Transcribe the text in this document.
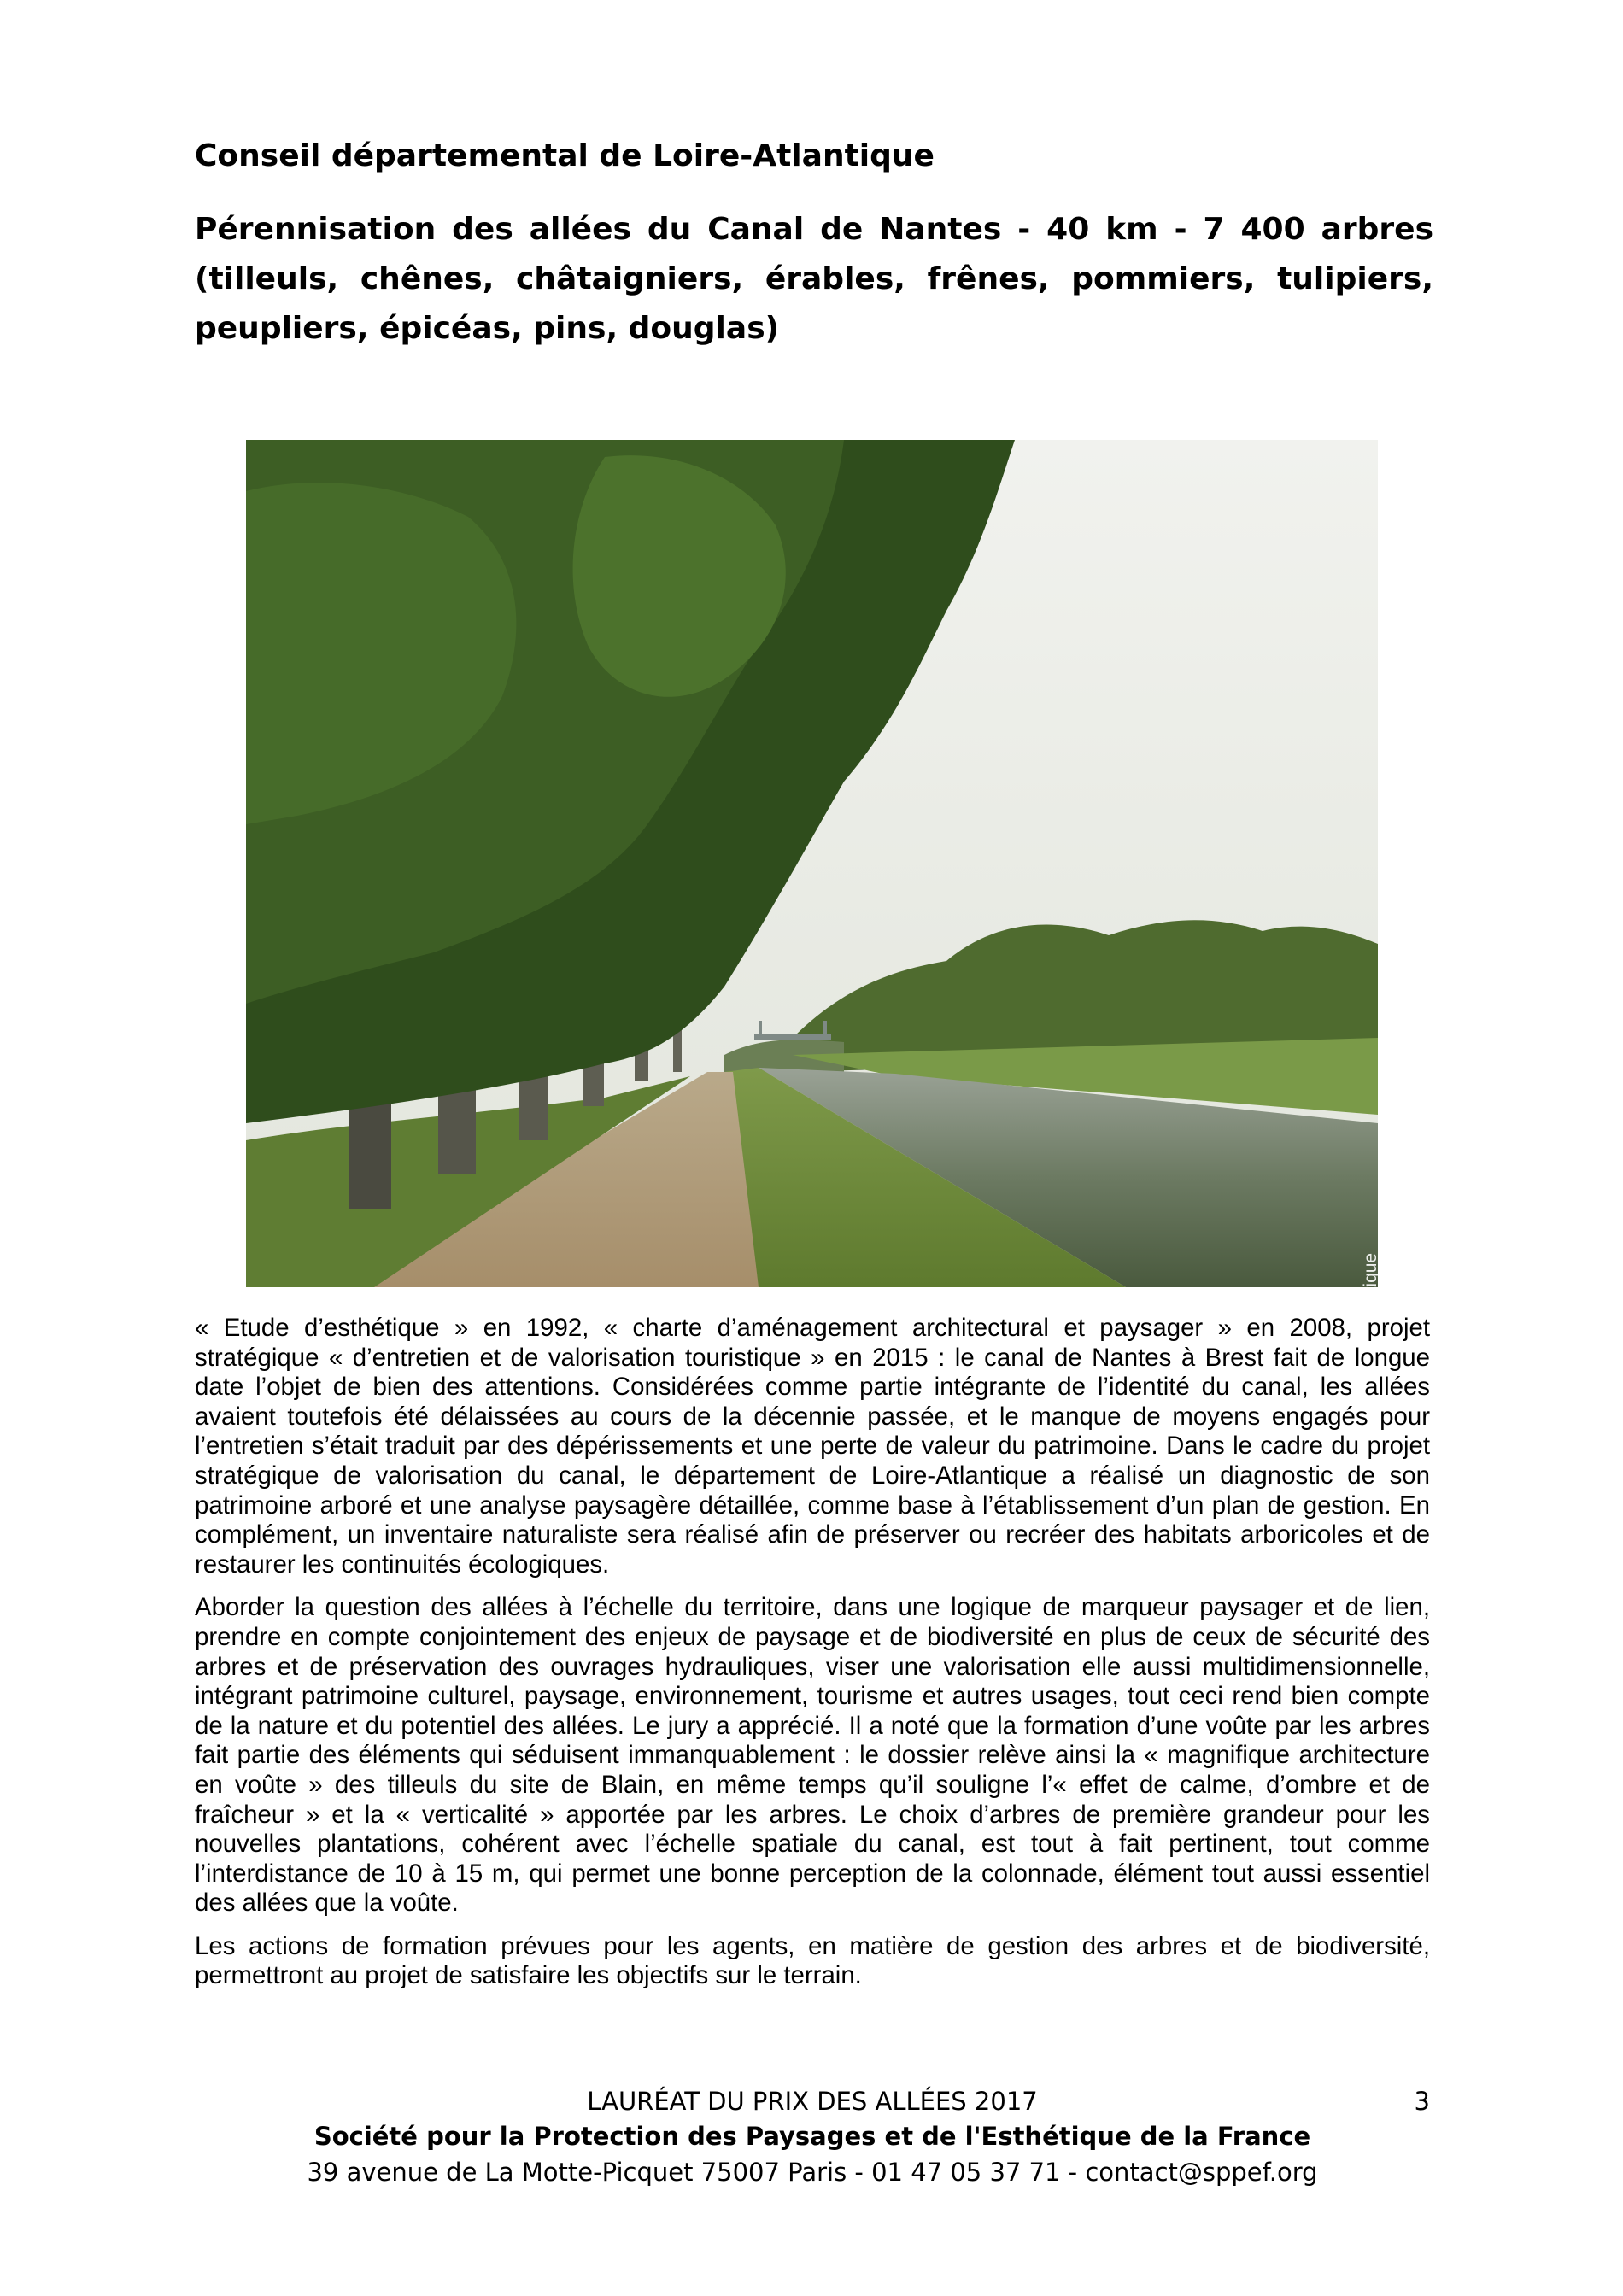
Conseil départemental de Loire-Atlantique
Pérennisation des allées du Canal de Nantes - 40 km - 7 400 arbres (tilleuls, chênes, châtaigniers, érables, frênes, pommiers, tulipiers, peupliers, épicéas, pins, douglas)
© Conseil départemental Loire-Atlantique

« Etude d’esthétique » en 1992, « charte d’aménagement architectural et paysager » en 2008, projet stratégique « d’entretien et de valorisation touristique » en 2015 : le canal de Nantes à Brest fait de longue date l’objet de bien des attentions. Considérées comme partie intégrante de l’identité du canal, les allées avaient toutefois été délaissées au cours de la décennie passée, et le manque de moyens engagés pour l’entretien s’était traduit par des dépérissements et une perte de valeur du patrimoine. Dans le cadre du projet stratégique de valorisation du canal, le département de Loire-Atlantique a réalisé un diagnostic de son patrimoine arboré et une analyse paysagère détaillée, comme base à l’établissement d’un plan de gestion. En complément, un inventaire naturaliste sera réalisé afin de préserver ou recréer des habitats arboricoles et de restaurer les continuités écologiques.

Aborder la question des allées à l’échelle du territoire, dans une logique de marqueur paysager et de lien, prendre en compte conjointement des enjeux de paysage et de biodiversité en plus de ceux de sécurité des arbres et de préservation des ouvrages hydrauliques, viser une valorisation elle aussi multidimensionnelle, intégrant patrimoine culturel, paysage, environnement, tourisme et autres usages, tout ceci rend bien compte de la nature et du potentiel des allées. Le jury a apprécié. Il a noté que la formation d’une voûte par les arbres fait partie des éléments qui séduisent immanquablement : le dossier relève ainsi la « magnifique architecture en voûte » des tilleuls du site de Blain, en même temps qu’il souligne l’« effet de calme, d’ombre et de fraîcheur » et la « verticalité » apportée par les arbres. Le choix d’arbres de première grandeur pour les nouvelles plantations, cohérent avec l’échelle spatiale du canal, est tout à fait pertinent, tout comme l’interdistance de 10 à 15 m, qui permet une bonne perception de la colonnade, élément tout aussi essentiel des allées que la voûte.

Les actions de formation prévues pour les agents, en matière de gestion des arbres et de biodiversité, permettront au projet de satisfaire les objectifs sur le terrain.

LAURÉAT DU PRIX DES ALLÉES 2017
Société pour la Protection des Paysages et de l'Esthétique de la France
39 avenue de La Motte-Picquet 75007 Paris - 01 47 05 37 71 - contact@sppef.org
3
